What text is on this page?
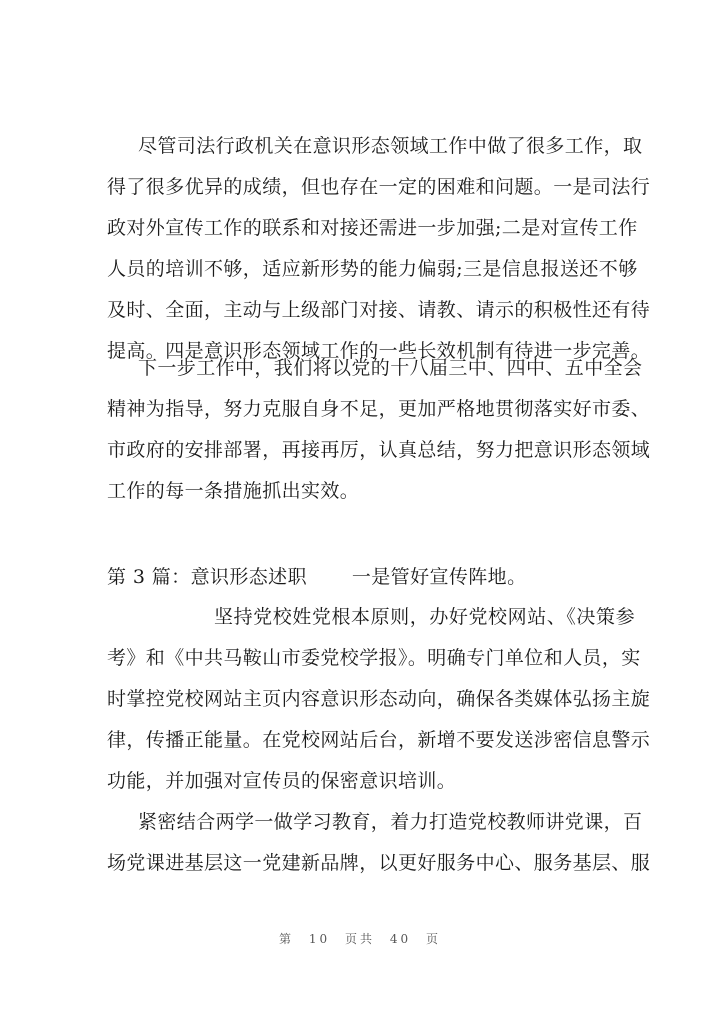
尽管司法行政机关在意识形态领域工作中做了很多工作，取
得了很多优异的成绩，但也存在一定的困难和问题。一是司法行
政对外宣传工作的联系和对接还需进一步加强;二是对宣传工作
人员的培训不够，适应新形势的能力偏弱;三是信息报送还不够
及时、全面，主动与上级部门对接、请教、请示的积极性还有待
提高。四是意识形态领域工作的一些长效机制有待进一步完善。
下一步工作中，我们将以党的十八届三中、四中、五中全会
精神为指导，努力克服自身不足，更加严格地贯彻落实好市委、
市政府的安排部署，再接再厉，认真总结，努力把意识形态领域
工作的每一条措施抓出实效。
第 3 篇：意识形态述职 一是管好宣传阵地。
坚持党校姓党根本原则，办好党校网站、《决策参
考》和《中共马鞍山市委党校学报》。明确专门单位和人员，实
时掌控党校网站主页内容意识形态动向，确保各类媒体弘扬主旋
律，传播正能量。在党校网站后台，新增不要发送涉密信息警示
功能，并加强对宣传员的保密意识培训。
紧密结合两学一做学习教育，着力打造党校教师讲党课，百
场党课进基层这一党建新品牌，以更好服务中心、服务基层、服
第 10 页共 40 页
